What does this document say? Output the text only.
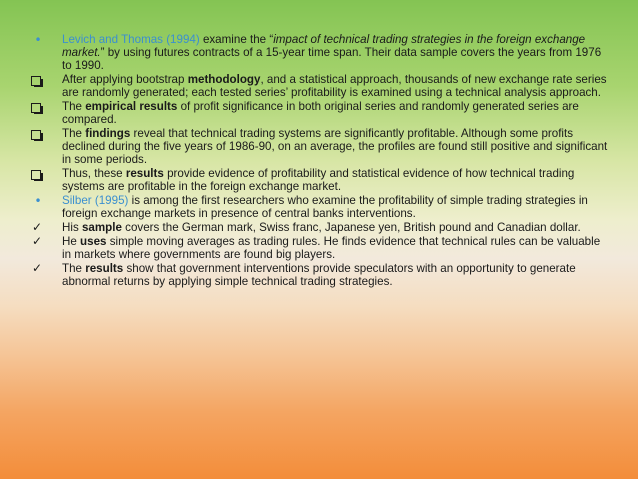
• Levich and Thomas (1994) examine the “impact of technical trading strategies in the foreign exchange market.” by using futures contracts of a 15-year time span. Their data sample covers the years from 1976 to 1990.
After applying bootstrap methodology, and a statistical approach, thousands of new exchange rate series are randomly generated; each tested series’ profitability is examined using a technical analysis approach.
The empirical results of profit significance in both original series and randomly generated series are compared.
The findings reveal that technical trading systems are significantly profitable. Although some profits declined during the five years of 1986-90, on an average, the profiles are found still positive and significant in some periods.
Thus, these results provide evidence of profitability and statistical evidence of how technical trading systems are profitable in the foreign exchange market.
• Silber (1995) is among the first researchers who examine the profitability of simple trading strategies in foreign exchange markets in presence of central banks interventions.
✓ His sample covers the German mark, Swiss franc, Japanese yen, British pound and Canadian dollar.
✓ He uses simple moving averages as trading rules. He finds evidence that technical rules can be valuable in markets where governments are found big players.
✓ The results show that government interventions provide speculators with an opportunity to generate abnormal returns by applying simple technical trading strategies.
